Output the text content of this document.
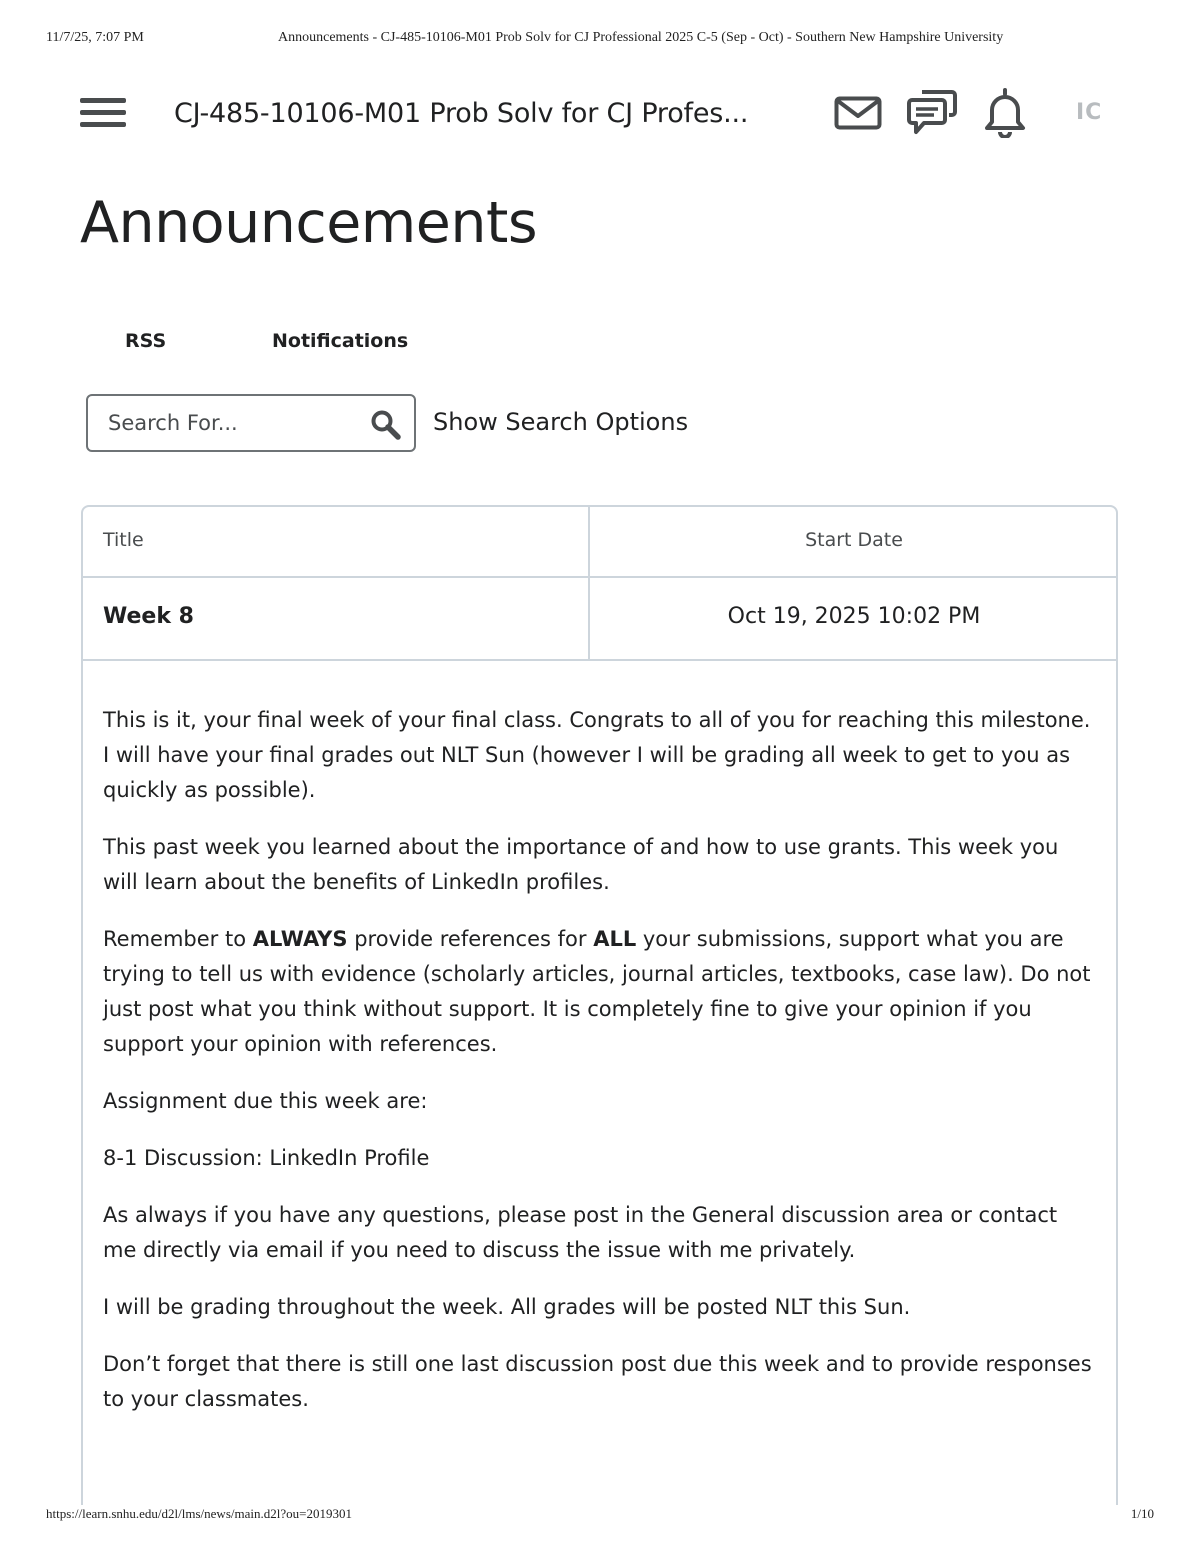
11/7/25, 7:07 PM	Announcements - CJ-485-10106-M01 Prob Solv for CJ Professional 2025 C-5 (Sep - Oct) - Southern New Hampshire University
CJ-485-10106-M01 Prob Solv for CJ Profes...	IC
Announcements
RSS	Notifications
Search For...
Show Search Options
Title	Start Date
Week 8	Oct 19, 2025 10:02 PM

This is it, your final week of your final class. Congrats to all of you for reaching this milestone. I will have your final grades out NLT Sun (however I will be grading all week to get to you as quickly as possible).

This past week you learned about the importance of and how to use grants. This week you will learn about the benefits of LinkedIn profiles.

Remember to ALWAYS provide references for ALL your submissions, support what you are trying to tell us with evidence (scholarly articles, journal articles, textbooks, case law). Do not just post what you think without support. It is completely fine to give your opinion if you support your opinion with references.

Assignment due this week are:

8-1 Discussion: LinkedIn Profile

As always if you have any questions, please post in the General discussion area or contact me directly via email if you need to discuss the issue with me privately.

I will be grading throughout the week. All grades will be posted NLT this Sun.

Don’t forget that there is still one last discussion post due this week and to provide responses to your classmates.

https://learn.snhu.edu/d2l/lms/news/main.d2l?ou=2019301	1/10
